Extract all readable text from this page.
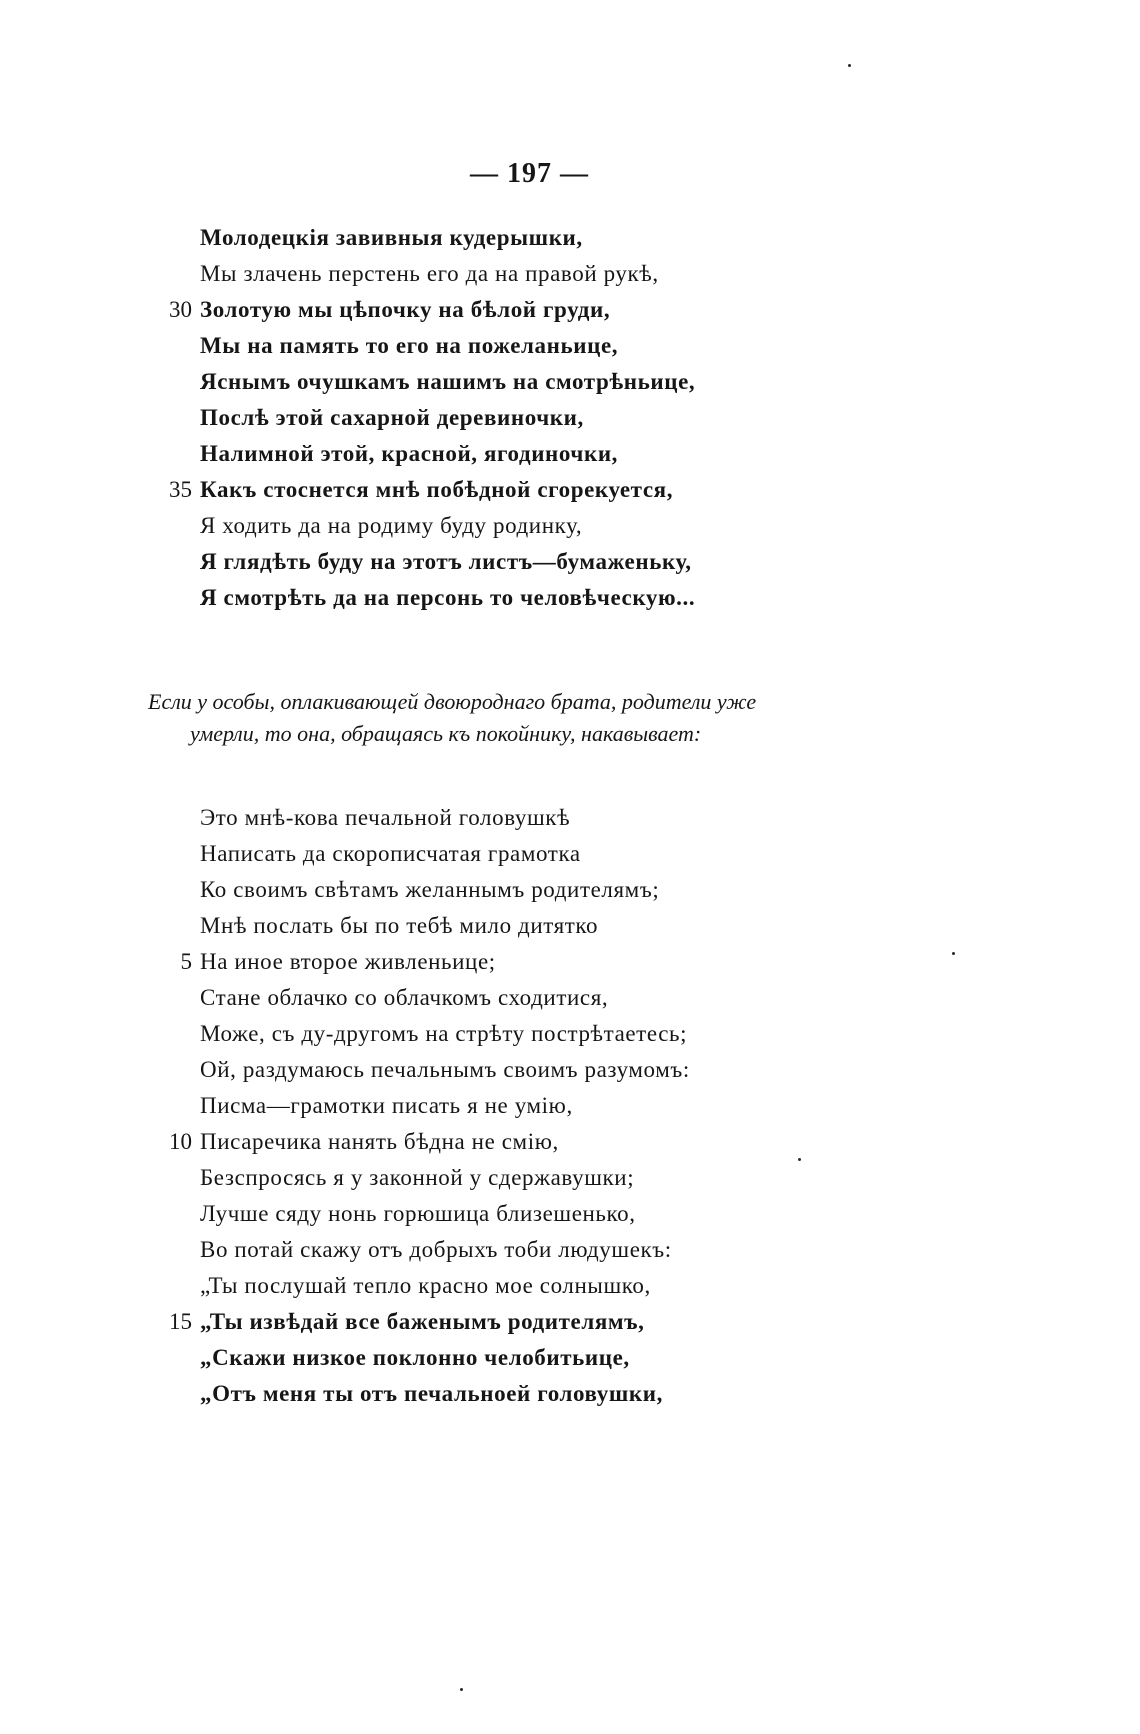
— 197 —
Молодецкія завивныя кудерышки,
Мы злачень перстень его да на правой рукѣ,
30 Золотую мы цѣпочку на бѣлой груди,
Мы на память то его на пожеланьице,
Яснымъ очушкамъ нашимъ на смотрѣньице,
Послѣ этой сахарной деревиночки,
Налимной этой, красной, ягодиночки,
35 Какъ стоснется мнѣ побѣдной сгорекуется,
Я ходить да на родиму буду родинку,
Я глядѣть буду на этотъ листъ—бумаженьку,
Я смотрѣть да на персонь то человѣческую...
Если у особы, оплакивающей двоюроднаго брата, родители уже
умерли, то она, обращаясь къ покойнику, накавывает:
Это мнѣ-кова печальной головушкѣ
Написать да скорописчатая грамотка
Ко своимъ свѣтамъ желаннымъ родителямъ;
Мнѣ послать бы по тебѣ мило дитятко
5 На иное второе живленьице;
Стане облачко со облачкомъ сходитися,
Може, съ ду-другомъ на стрѣту пострѣтаетесь;
Ой, раздумаюсь печальнымъ своимъ разумомъ:
Писма—грамотки писать я не умію,
10 Писаречика нанять бѣдна не смію,
Безспросясь я у законной у сдержавушки;
Лучше сяду нонь горюшица близешенько,
Во потай скажу отъ добрыхъ тоби людушекъ:
„Ты послушай тепло красно мое солнышко,
15 „Ты извѣдай все баженымъ родителямъ,
„Скажи низкое поклонно челобитьице,
„Отъ меня ты отъ печальноей головушки,
